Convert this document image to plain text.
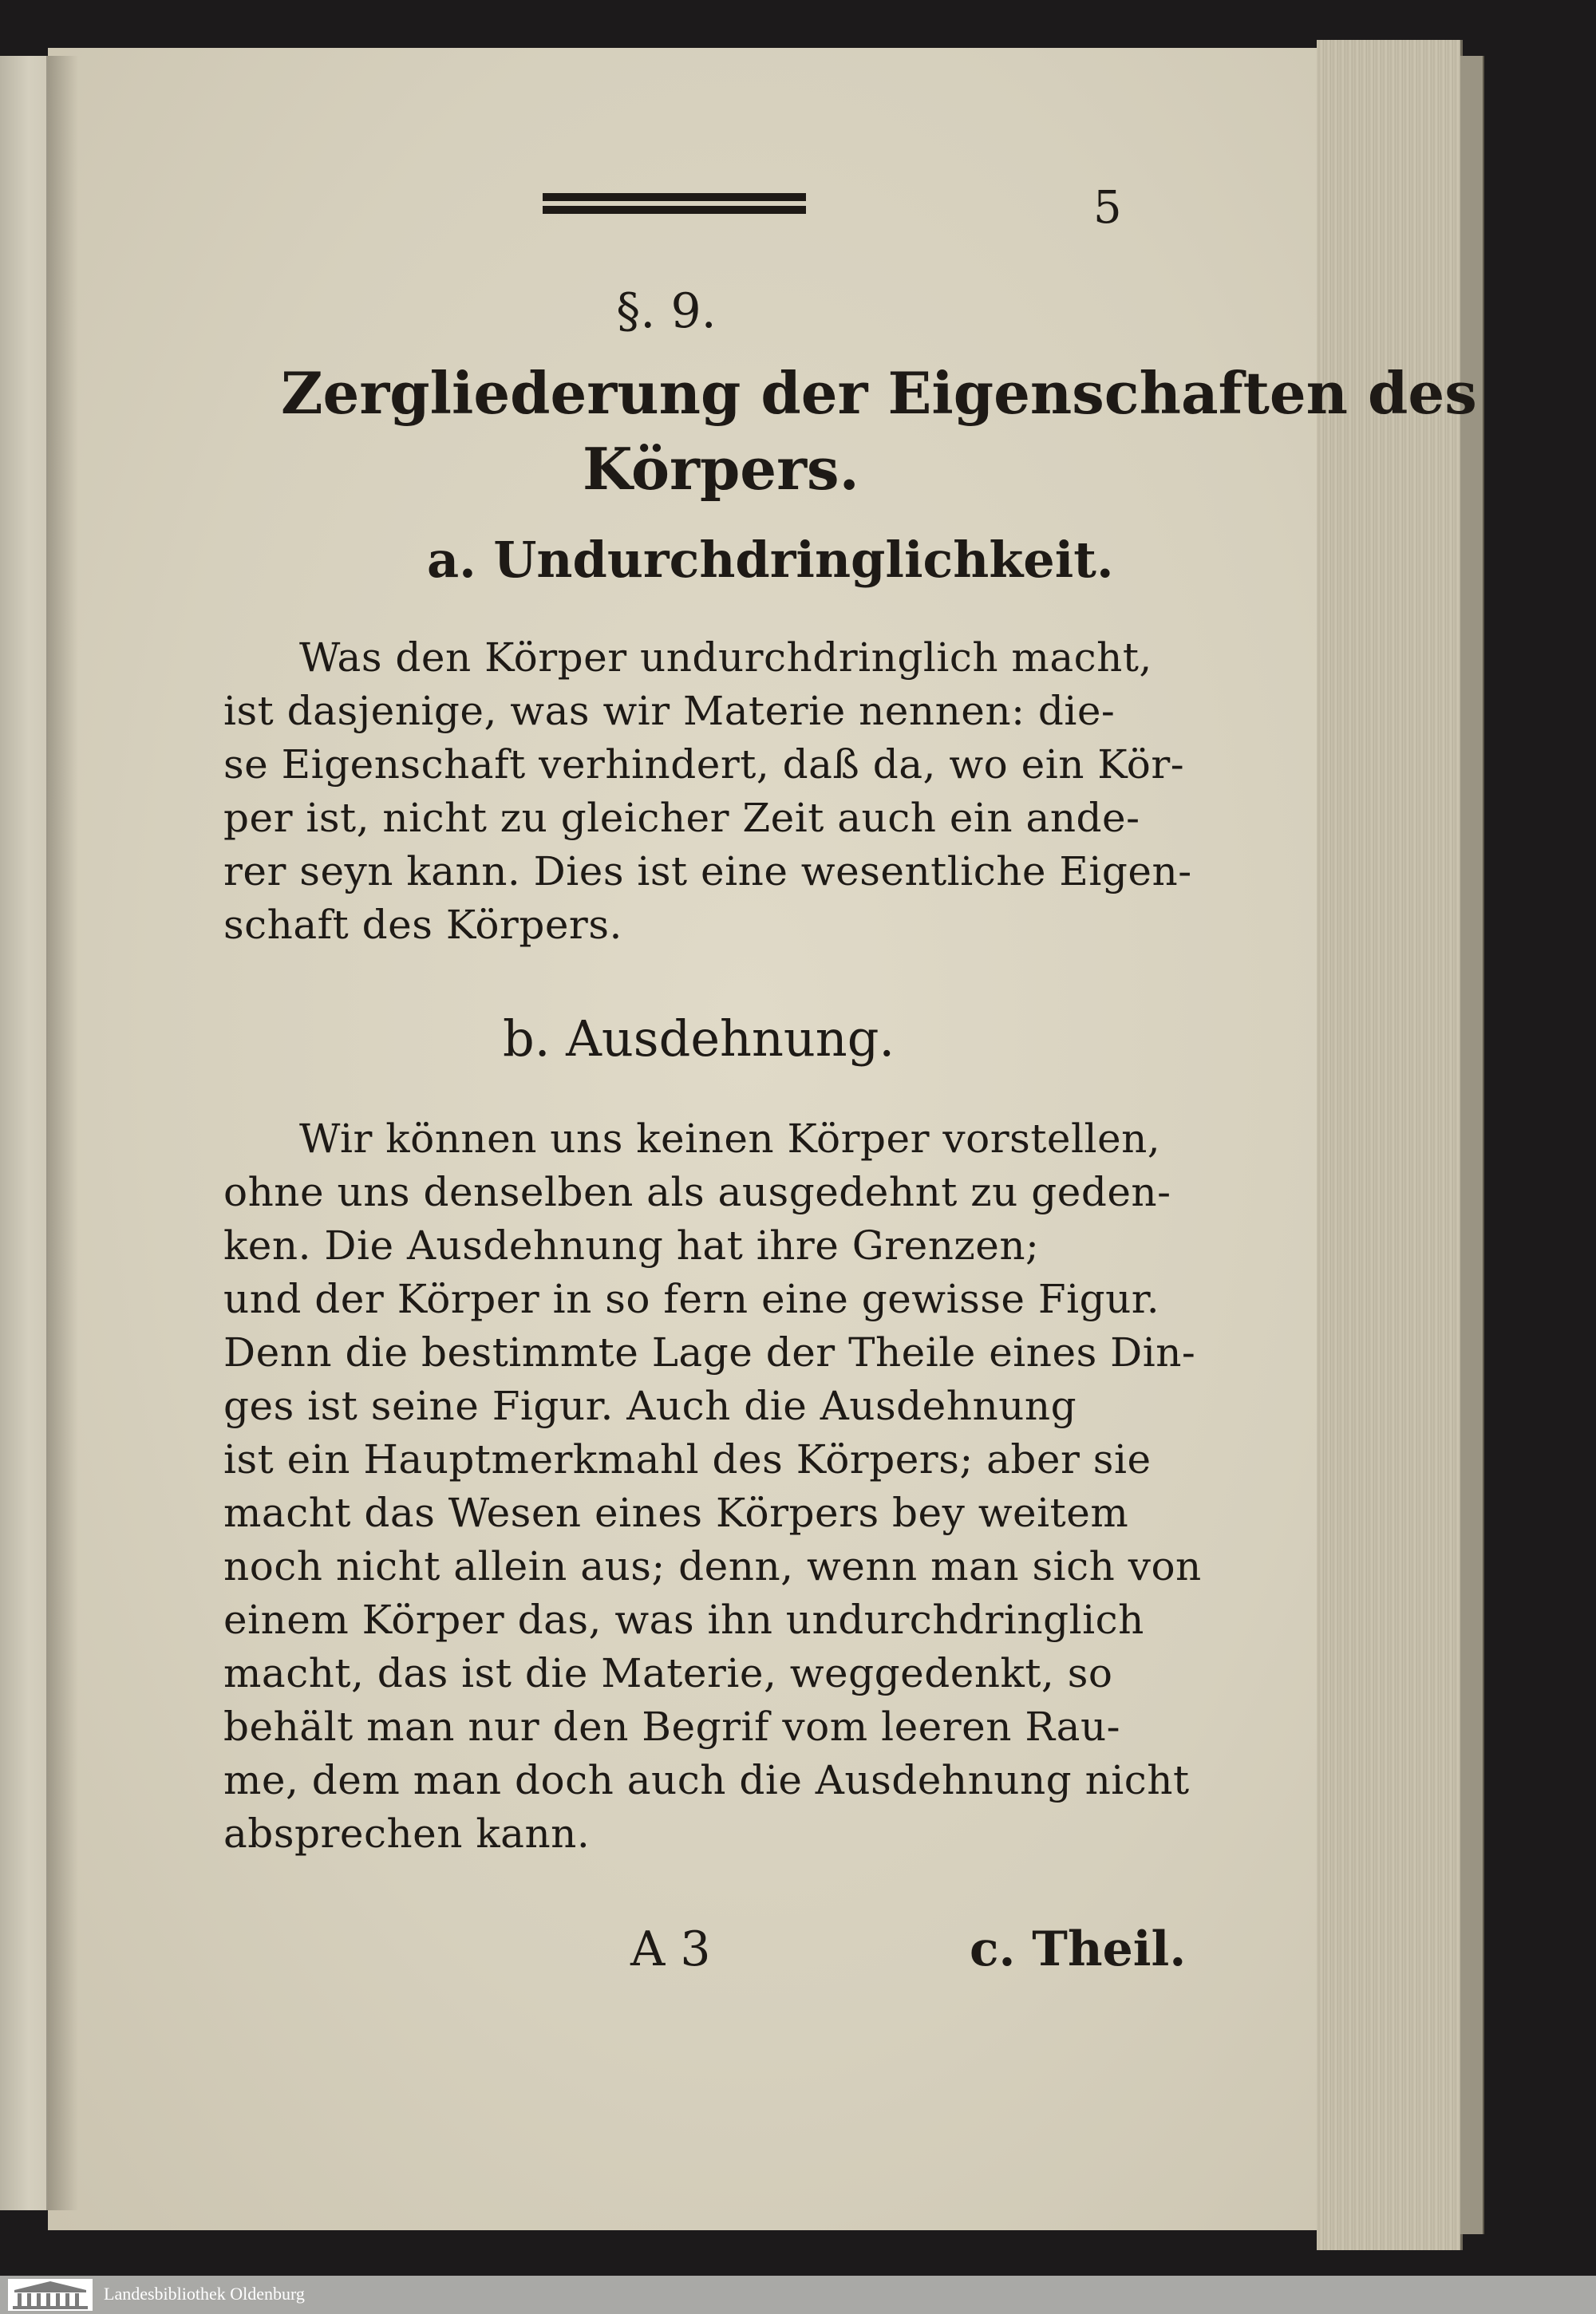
5
§. 9.
Zergliederung der Eigenschaften des
Körpers.
a. Undurchdringlichkeit.
Was den Körper undurchdringlich macht,
ist dasjenige, was wir Materie nennen: die-
se Eigenschaft verhindert, daß da, wo ein Kör-
per ist, nicht zu gleicher Zeit auch ein ande-
rer seyn kann. Dies ist eine wesentliche Eigen-
schaft des Körpers.
b. Ausdehnung.
Wir können uns keinen Körper vorstellen,
ohne uns denselben als ausgedehnt zu geden-
ken. Die Ausdehnung hat ihre Grenzen;
und der Körper in so fern eine gewisse Figur.
Denn die bestimmte Lage der Theile eines Din-
ges ist seine Figur. Auch die Ausdehnung
ist ein Hauptmerkmahl des Körpers; aber sie
macht das Wesen eines Körpers bey weitem
noch nicht allein aus; denn, wenn man sich von
einem Körper das, was ihn undurchdringlich
macht, das ist die Materie, weggedenkt, so
behält man nur den Begrif vom leeren Rau-
me, dem man doch auch die Ausdehnung nicht
absprechen kann.
A 3	c. Theil.
Landesbibliothek Oldenburg
